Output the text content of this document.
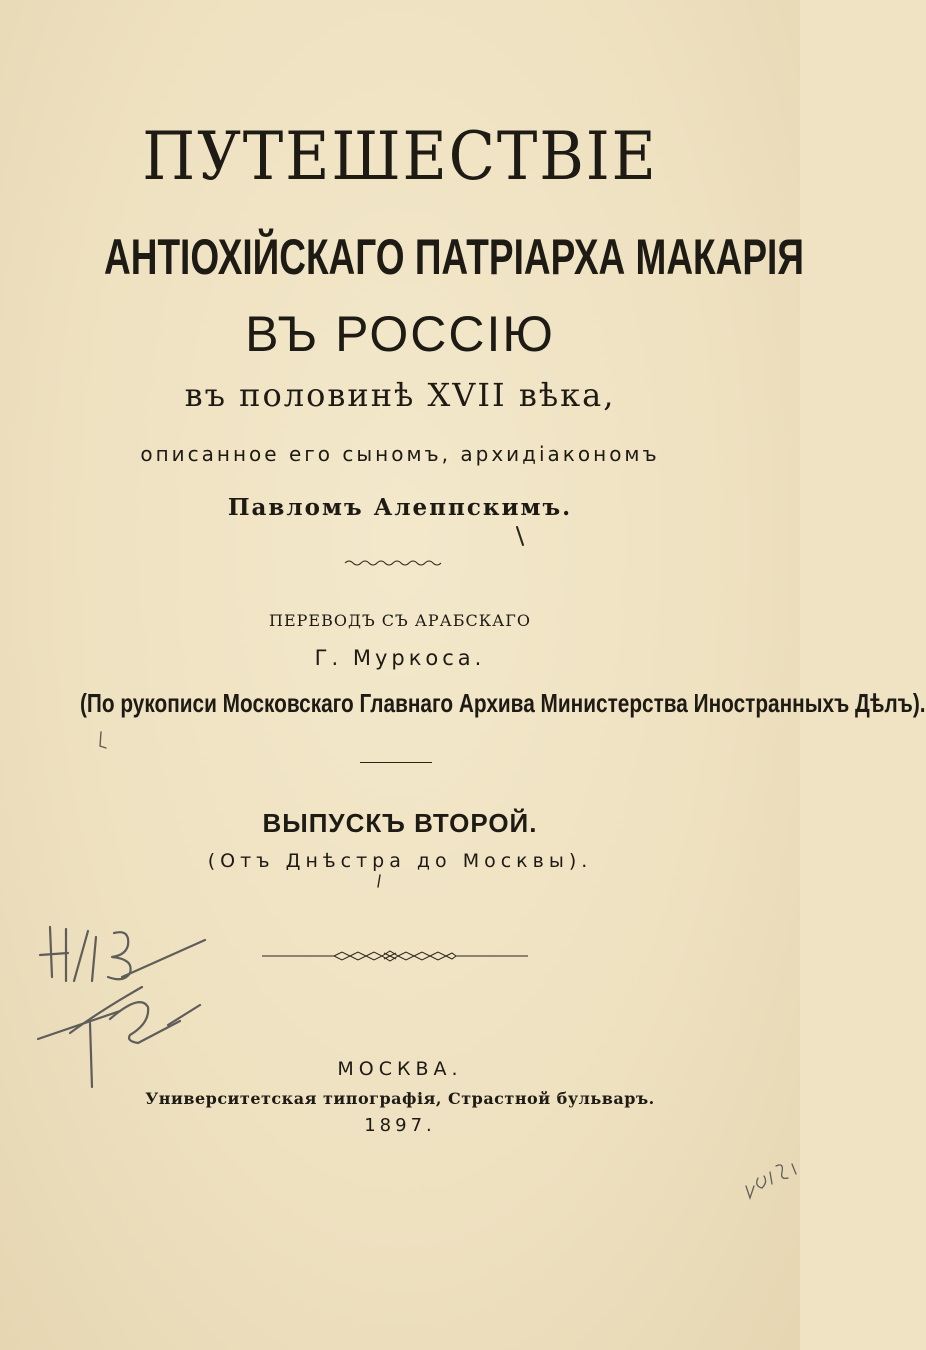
ПУТЕШЕСТВІЕ
АНТІОХІЙСКАГО ПАТРІАРХА МАКАРІЯ
ВЪ РОССІЮ
въ половинѣ XVII вѣка,
описанное его сыномъ, архидіакономъ
Павломъ Алеппскимъ.
ПЕРЕВОДЪ СЪ АРАБСКАГО
Г. Муркоса.
(По рукописи Московскаго Главнаго Архива Министерства Иностранныхъ Дѣлъ).
ВЫПУСКЪ ВТОРОЙ.
(Отъ Днѣстра до Москвы).
МОСКВА.
Университетская типографія, Страстной бульваръ.
1897.
